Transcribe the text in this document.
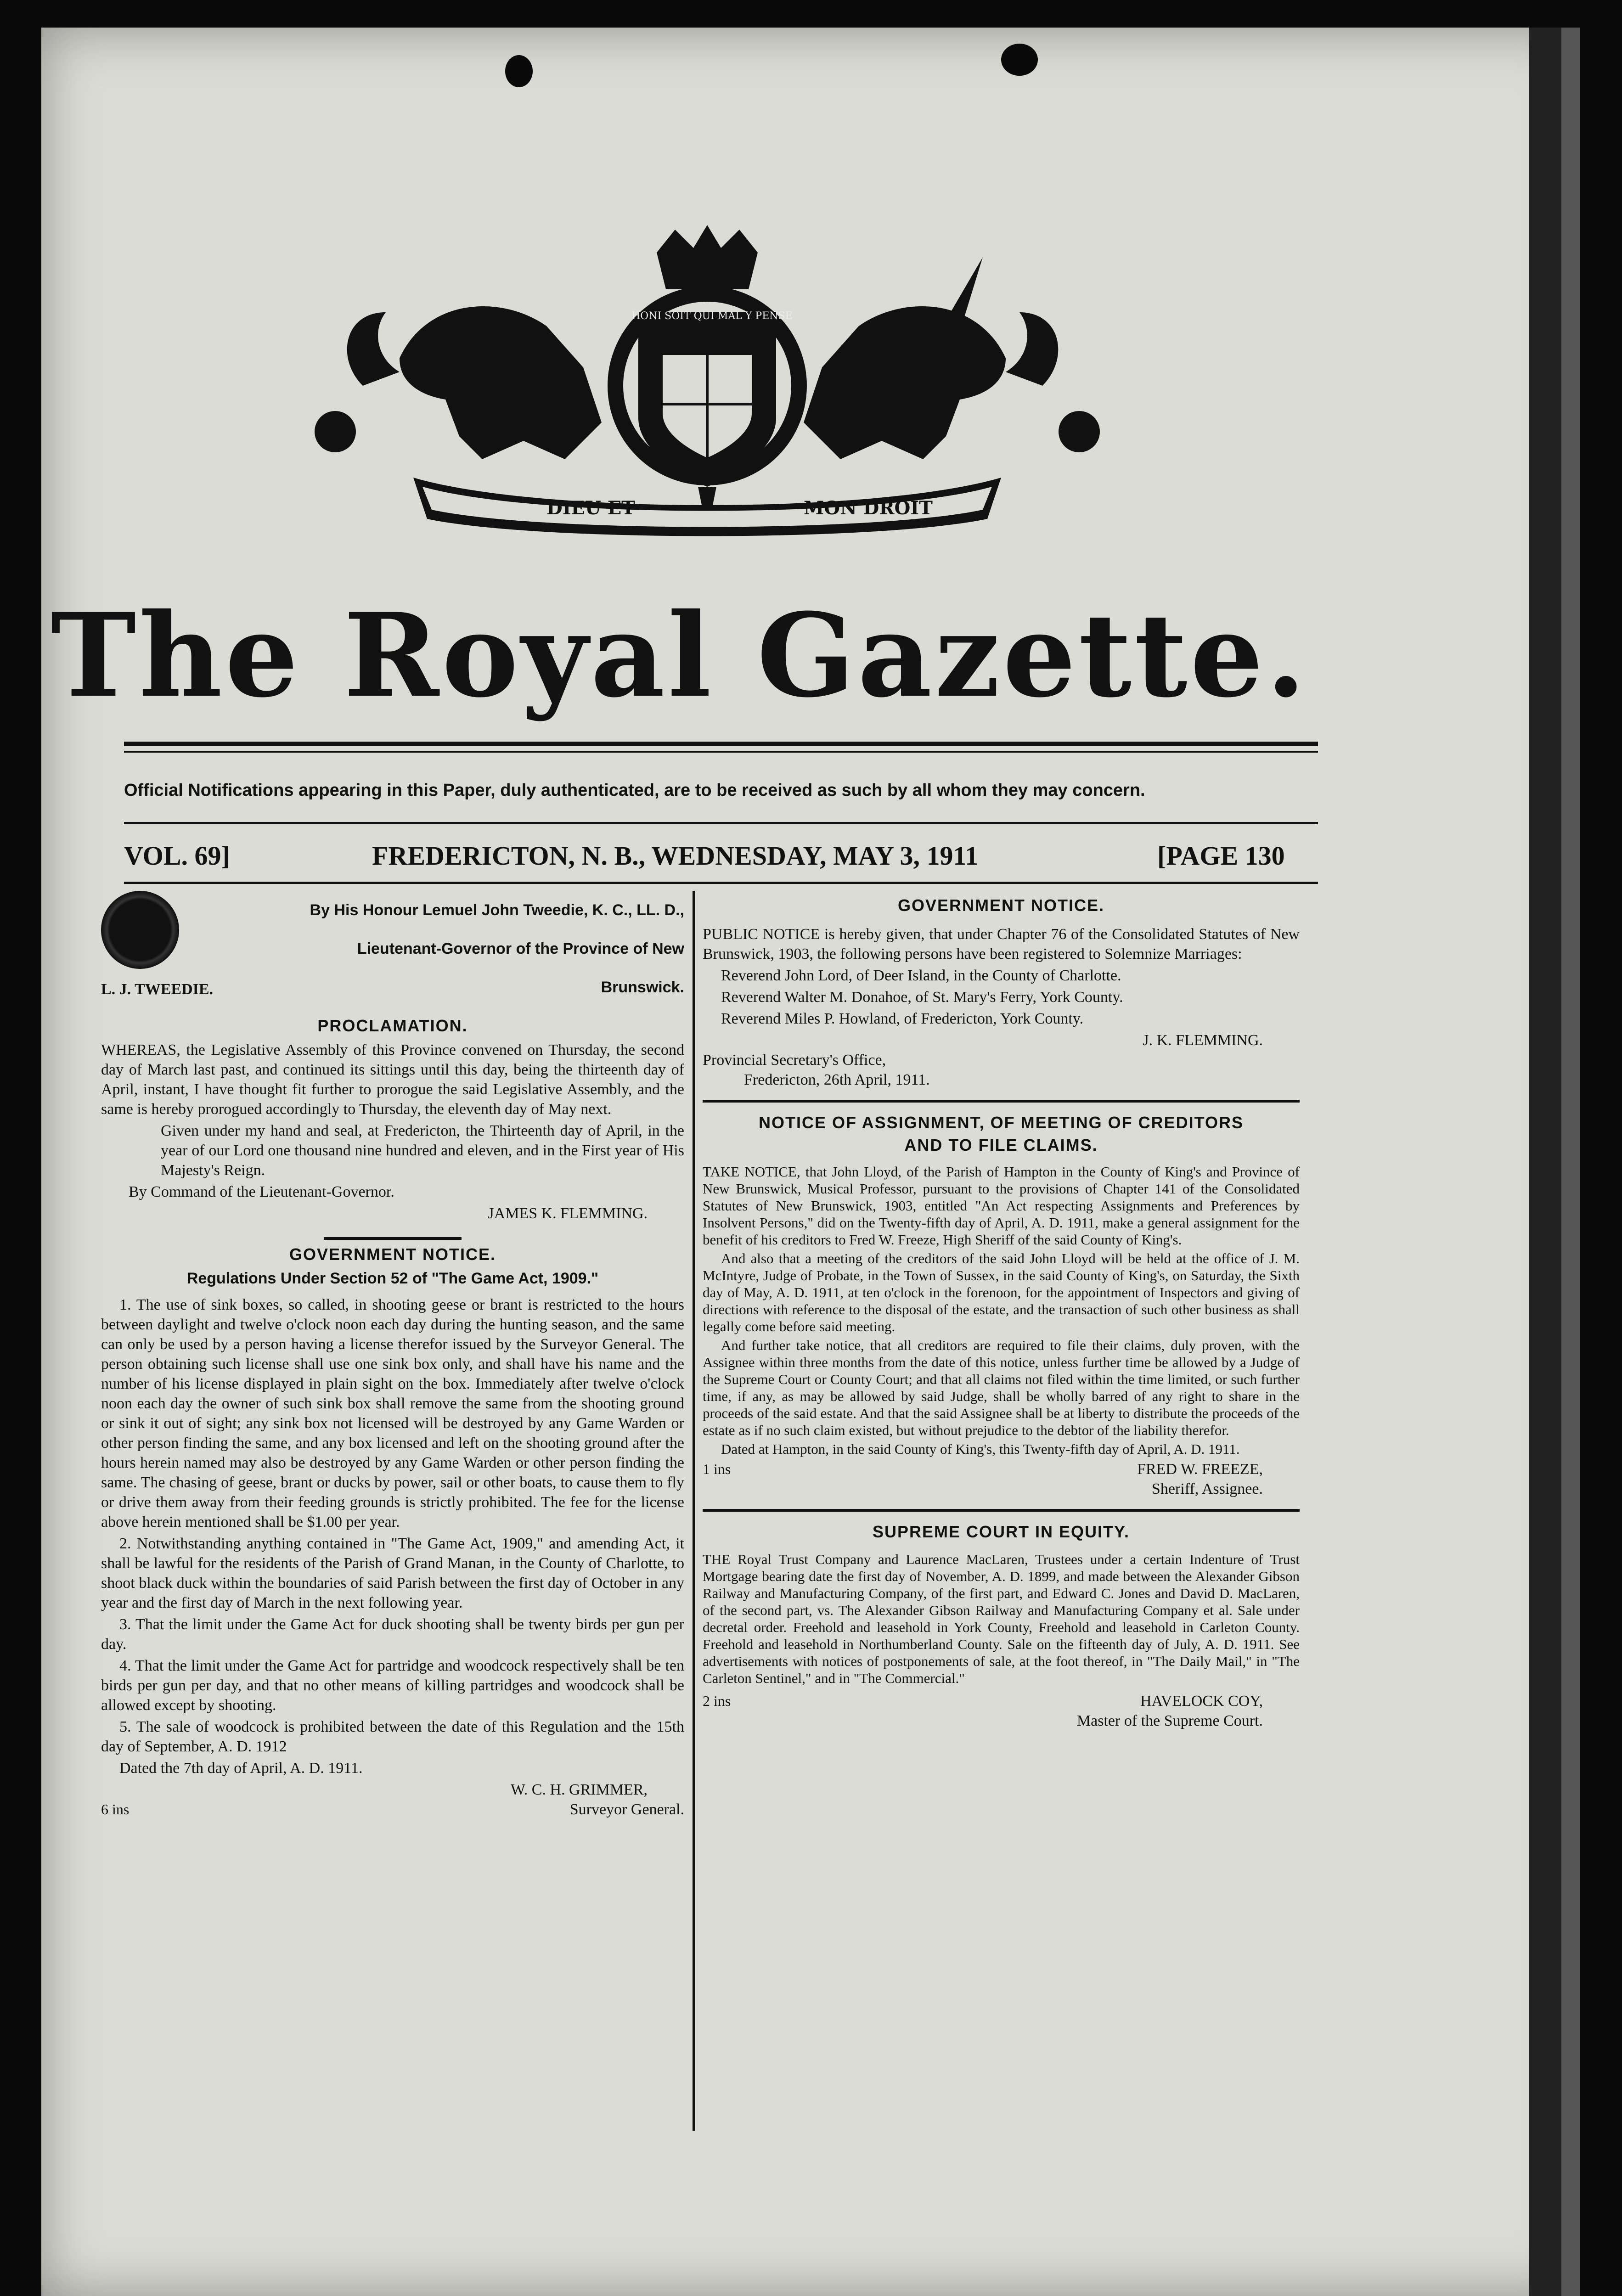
DIEU ET	MON DROIT
HONI SOIT QUI MAL Y PENSE
The Royal Gazette.
Official Notifications appearing in this Paper, duly authenticated, are to be received as such by all whom they may concern.
VOL. 69]	FREDERICTON, N. B., WEDNESDAY, MAY 3, 1911	[PAGE 130
L. J. TWEEDIE.
By His Honour Lemuel John Tweedie, K. C., LL. D., Lieutenant-Governor of the Province of New Brunswick.
PROCLAMATION.

WHEREAS, the Legislative Assembly of this Province convened on Thursday, the second day of March last past, and continued its sittings until this day, being the thirteenth day of April, instant, I have thought fit further to prorogue the said Legislative Assembly, and the same is hereby prorogued accordingly to Thursday, the eleventh day of May next.

Given under my hand and seal, at Fredericton, the Thirteenth day of April, in the year of our Lord one thousand nine hundred and eleven, and in the First year of His Majesty's Reign.

By Command of the Lieutenant-Governor.

JAMES K. FLEMMING.
GOVERNMENT NOTICE.
Regulations Under Section 52 of "The Game Act, 1909."

1. The use of sink boxes, so called, in shooting geese or brant is restricted to the hours between daylight and twelve o'clock noon each day during the hunting season, and the same can only be used by a person having a license therefor issued by the Surveyor General. The person obtaining such license shall use one sink box only, and shall have his name and the number of his license displayed in plain sight on the box. Immediately after twelve o'clock noon each day the owner of such sink box shall remove the same from the shooting ground or sink it out of sight; any sink box not licensed will be destroyed by any Game Warden or other person finding the same, and any box licensed and left on the shooting ground after the hours herein named may also be destroyed by any Game Warden or other person finding the same. The chasing of geese, brant or ducks by power, sail or other boats, to cause them to fly or drive them away from their feeding grounds is strictly prohibited. The fee for the license above herein mentioned shall be $1.00 per year.

2. Notwithstanding anything contained in "The Game Act, 1909," and amending Act, it shall be lawful for the residents of the Parish of Grand Manan, in the County of Charlotte, to shoot black duck within the boundaries of said Parish between the first day of October in any year and the first day of March in the next following year.

3. That the limit under the Game Act for duck shooting shall be twenty birds per gun per day.

4. That the limit under the Game Act for partridge and woodcock respectively shall be ten birds per gun per day, and that no other means of killing partridges and woodcock shall be allowed except by shooting.

5. The sale of woodcock is prohibited between the date of this Regulation and the 15th day of September, A. D. 1912

Dated the 7th day of April, A. D. 1911.

W. C. H. GRIMMER,
6 ins	Surveyor General.
GOVERNMENT NOTICE.

PUBLIC NOTICE is hereby given, that under Chapter 76 of the Consolidated Statutes of New Brunswick, 1903, the following persons have been registered to Solemnize Marriages:

Reverend John Lord, of Deer Island, in the County of Charlotte.

Reverend Walter M. Donahoe, of St. Mary's Ferry, York County.

Reverend Miles P. Howland, of Fredericton, York County.

J. K. FLEMMING.
Provincial Secretary's Office,
Fredericton, 26th April, 1911.
NOTICE OF ASSIGNMENT, OF MEETING OF CREDITORS
AND TO FILE CLAIMS.

TAKE NOTICE, that John Lloyd, of the Parish of Hampton in the County of King's and Province of New Brunswick, Musical Professor, pursuant to the provisions of Chapter 141 of the Consolidated Statutes of New Brunswick, 1903, entitled "An Act respecting Assignments and Preferences by Insolvent Persons," did on the Twenty-fifth day of April, A. D. 1911, make a general assignment for the benefit of his creditors to Fred W. Freeze, High Sheriff of the said County of King's.

And also that a meeting of the creditors of the said John Lloyd will be held at the office of J. M. McIntyre, Judge of Probate, in the Town of Sussex, in the said County of King's, on Saturday, the Sixth day of May, A. D. 1911, at ten o'clock in the forenoon, for the appointment of Inspectors and giving of directions with reference to the disposal of the estate, and the transaction of such other business as shall legally come before said meeting.

And further take notice, that all creditors are required to file their claims, duly proven, with the Assignee within three months from the date of this notice, unless further time be allowed by a Judge of the Supreme Court or County Court; and that all claims not filed within the time limited, or such further time, if any, as may be allowed by said Judge, shall be wholly barred of any right to share in the proceeds of the said estate. And that the said Assignee shall be at liberty to distribute the proceeds of the estate as if no such claim existed, but without prejudice to the debtor of the liability therefor.

Dated at Hampton, in the said County of King's, this Twenty-fifth day of April, A. D. 1911.

1 ins	FRED W. FREEZE,
Sheriff, Assignee.
SUPREME COURT IN EQUITY.

THE Royal Trust Company and Laurence MacLaren, Trustees under a certain Indenture of Trust Mortgage bearing date the first day of November, A. D. 1899, and made between the Alexander Gibson Railway and Manufacturing Company, of the first part, and Edward C. Jones and David D. MacLaren, of the second part, vs. The Alexander Gibson Railway and Manufacturing Company et al. Sale under decretal order. Freehold and leasehold in York County, Freehold and leasehold in Carleton County. Freehold and leasehold in Northumberland County. Sale on the fifteenth day of July, A. D. 1911. See advertisements with notices of postponements of sale, at the foot thereof, in "The Daily Mail," in "The Carleton Sentinel," and in "The Commercial."

2 ins	HAVELOCK COY,
Master of the Supreme Court.
